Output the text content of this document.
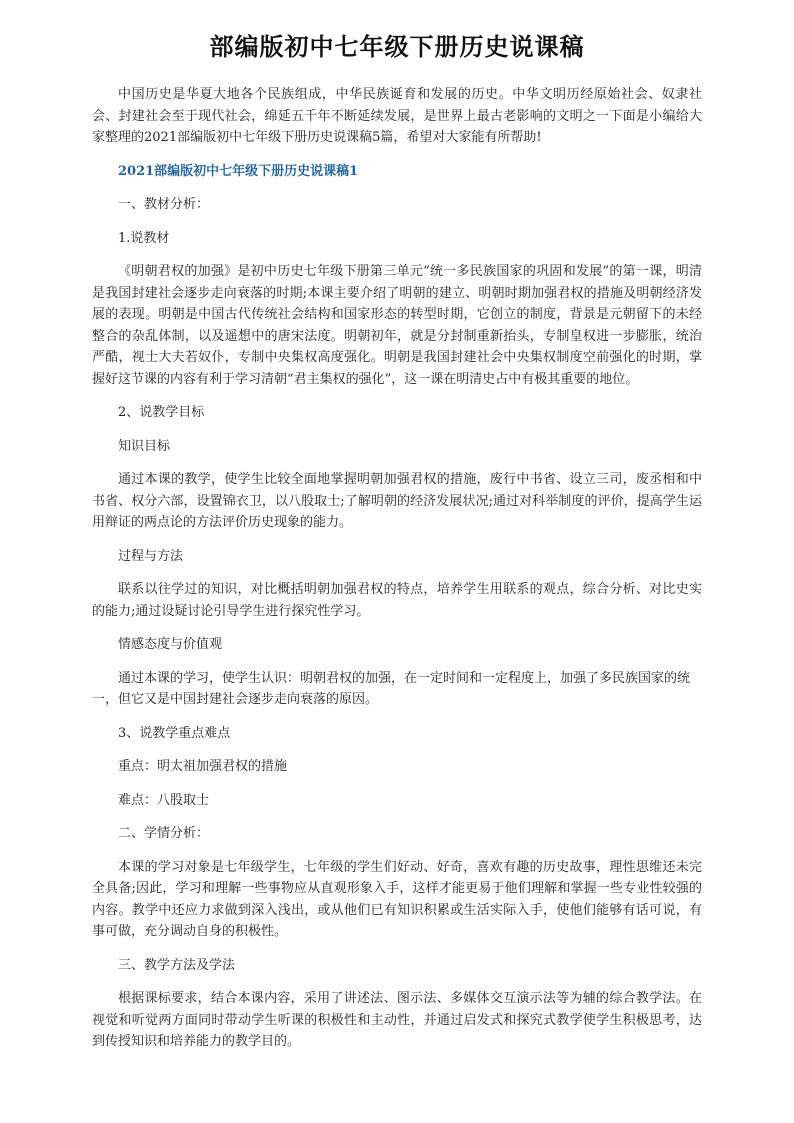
部编版初中七年级下册历史说课稿

中国历史是华夏大地各个民族组成，中华民族诞育和发展的历史。中华文明历经原始社会、奴隶社会、封建社会至于现代社会，绵延五千年不断延续发展，是世界上最古老影响的文明之一下面是小编给大家整理的2021部编版初中七年级下册历史说课稿5篇，希望对大家能有所帮助!

2021部编版初中七年级下册历史说课稿1

一、教材分析：

1.说教材

《明朝君权的加强》是初中历史七年级下册第三单元“统一多民族国家的巩固和发展”的第一课，明清是我国封建社会逐步走向衰落的时期;本课主要介绍了明朝的建立、明朝时期加强君权的措施及明朝经济发展的表现。明朝是中国古代传统社会结构和国家形态的转型时期，它创立的制度，背景是元朝留下的未经整合的杂乱体制，以及遥想中的唐宋法度。明朝初年，就是分封制重新抬头，专制皇权进一步膨胀，统治严酷，视士大夫若奴仆，专制中央集权高度强化。明朝是我国封建社会中央集权制度空前强化的时期，掌握好这节课的内容有利于学习清朝“君主集权的强化”，这一课在明清史占中有极其重要的地位。

2、说教学目标

知识目标

通过本课的教学，使学生比较全面地掌握明朝加强君权的措施，废行中书省、设立三司，废丞相和中书省、权分六部，设置锦衣卫，以八股取士;了解明朝的经济发展状况;通过对科举制度的评价，提高学生运用辩证的两点论的方法评价历史现象的能力。

过程与方法

联系以往学过的知识，对比概括明朝加强君权的特点，培养学生用联系的观点，综合分析、对比史实的能力;通过设疑讨论引导学生进行探究性学习。

情感态度与价值观

通过本课的学习，使学生认识：明朝君权的加强，在一定时间和一定程度上，加强了多民族国家的统

一，但它又是中国封建社会逐步走向衰落的原因。

3、说教学重点难点

重点：明太祖加强君权的措施

难点：八股取士

二、学情分析：

本课的学习对象是七年级学生，七年级的学生们好动、好奇，喜欢有趣的历史故事，理性思维还未完全具备;因此，学习和理解一些事物应从直观形象入手，这样才能更易于他们理解和掌握一些专业性较强的内容。教学中还应力求做到深入浅出，或从他们已有知识积累或生活实际入手，使他们能够有话可说，有事可做，充分调动自身的积极性。

三、教学方法及学法

根据课标要求，结合本课内容，采用了讲述法、图示法、多媒体交互演示法等为辅的综合教学法。在视觉和听觉两方面同时带动学生听课的积极性和主动性，并通过启发式和探究式教学使学生积极思考，达到传授知识和培养能力的教学目的。
